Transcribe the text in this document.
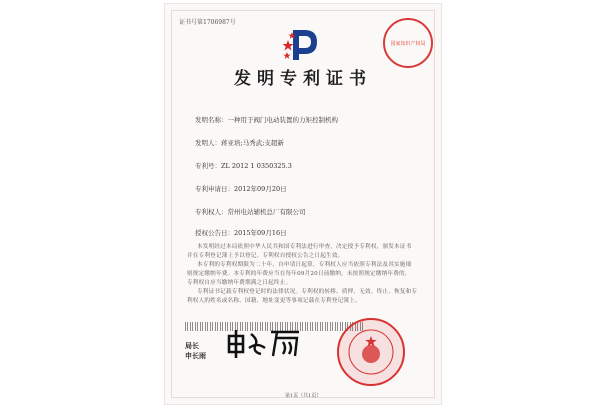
证书号第1706987号
国家知识产权局
发明专利证书
发明名称：一种用于阀门电动装置的力矩控制机构
发明人：蒋亚培;马秀武;支超新
专利号：ZL 2012 1 0350325.3
专利申请日：2012年09月20日
专利权人：常州电站辅机总厂有限公司
授权公告日：2015年09月16日
本发明经过本局依照中华人民共和国专利法进行审查，决定授予专利权，颁发本证书
并在专利登记簿上予以登记。专利权自授权公告之日起生效。
本专利的专利权期限为二十年，自申请日起算。专利权人应当依照专利法及其实施细
则规定缴纳年费。本专利的年费应当在每年09月20日前缴纳。未按照规定缴纳年费的，
专利权自应当缴纳年费期满之日起终止。
专利证书记载专利权登记时的法律状况。专利权的转移、质押、无效、终止、恢复和专
利权人的姓名或名称、国籍、地址变更等事项记载在专利登记簿上。
局长
申长雨
第1页（共1页）
